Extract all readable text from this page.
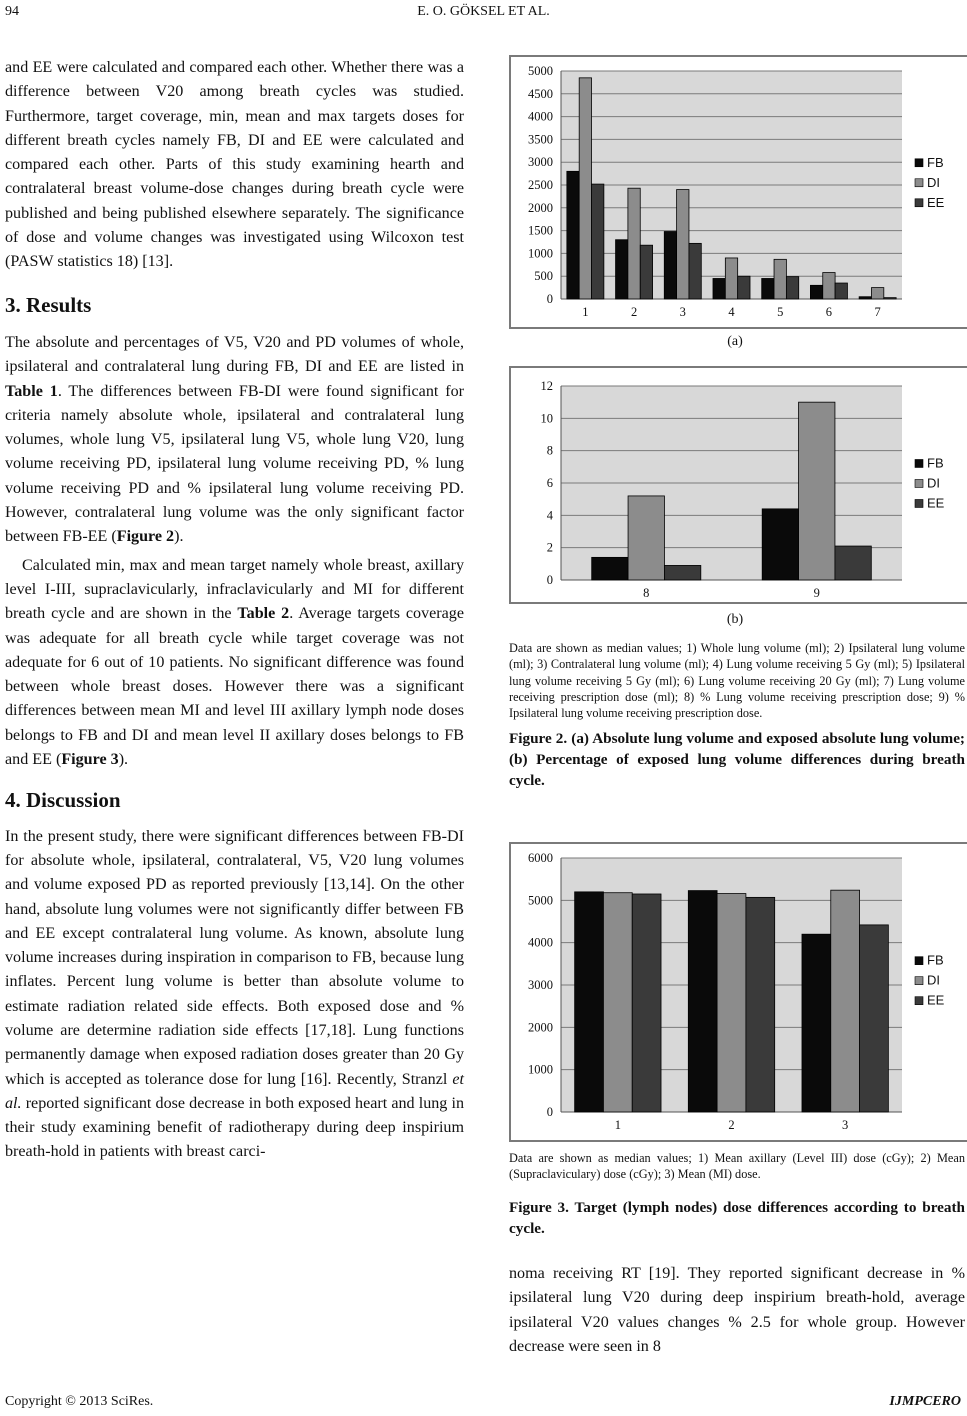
94	E. O. GÖKSEL ET AL.

and EE were calculated and compared each other. Whether there was a difference between V20 among breath cycles was studied. Furthermore, target coverage, min, mean and max targets doses for different breath cycles namely FB, DI and EE were calculated and compared each other. Parts of this study examining hearth and contralateral breast volume-dose changes during breath cycle were published and being published elsewhere separately. The significance of dose and volume changes was investigated using Wilcoxon test (PASW statistics 18) [13].

3. Results

The absolute and percentages of V5, V20 and PD volumes of whole, ipsilateral and contralateral lung during FB, DI and EE are listed in Table 1. The differences between FB-DI were found significant for criteria namely absolute whole, ipsilateral and contralateral lung volumes, whole lung V5, ipsilateral lung V5, whole lung V20, lung volume receiving PD, ipsilateral lung volume receiving PD, % lung volume receiving PD and % ipsilateral lung volume receiving PD. However, contralateral lung volume was the only significant factor between FB-EE (Figure 2).

Calculated min, max and mean target namely whole breast, axillary level I-III, supraclavicularly, infraclavicularly and MI for different breath cycle and are shown in the Table 2. Average targets coverage was adequate for all breath cycle while target coverage was not adequate for 6 out of 10 patients. No significant difference was found between whole breast doses. However there was a significant differences between mean MI and level III axillary lymph node doses belongs to FB and DI and mean level II axillary doses belongs to FB and EE (Figure 3).

4. Discussion

In the present study, there were significant differences between FB-DI for absolute whole, ipsilateral, contralateral, V5, V20 lung volumes and volume exposed PD as reported previously [13,14]. On the other hand, absolute lung volumes were not significantly differ between FB and EE except contralateral lung volume. As known, absolute lung volume increases during inspiration in comparison to FB, because lung inflates. Percent lung volume is better than absolute volume to estimate radiation related side effects. Both exposed dose and % volume are determine radiation side effects [17,18]. Lung functions permanently damage when exposed radiation doses greater than 20 Gy which is accepted as tolerance dose for lung [16]. Recently, Stranzl et al. reported significant dose decrease in both exposed heart and lung in their study examining benefit of radiotherapy during deep inspirium breath-hold in patients with breast carci-

0
500
1000
1500
2000
2500
3000
3500
4000
4500
5000
1	2	3	4	5	6	7
FB
DI
EE
(a)
0
2
4
6
8
10
12
8	9
FB
DI
EE
(b)
Data are shown as median values; 1) Whole lung volume (ml); 2) Ipsilateral lung volume (ml); 3) Contralateral lung volume (ml); 4) Lung volume receiving 5 Gy (ml); 5) Ipsilateral lung volume receiving 5 Gy (ml); 6) Lung volume receiving 20 Gy (ml); 7) Lung volume receiving prescription dose (ml); 8) % Lung volume receiving prescription dose; 9) % Ipsilateral lung volume receiving prescription dose.
Figure 2. (a) Absolute lung volume and exposed absolute lung volume; (b) Percentage of exposed lung volume differences during breath cycle.
0
1000
2000
3000
4000
5000
6000
1	2	3
FB
DI
EE
Data are shown as median values; 1) Mean axillary (Level III) dose (cGy); 2) Mean (Supraclaviculary) dose (cGy); 3) Mean (MI) dose.
Figure 3. Target (lymph nodes) dose differences according to breath cycle.
noma receiving RT [19]. They reported significant decrease in % ipsilateral lung V20 during deep inspirium breath-hold, average ipsilateral V20 values changes % 2.5 for whole group. However decrease were seen in 8
Copyright © 2013 SciRes.	IJMPCERO
